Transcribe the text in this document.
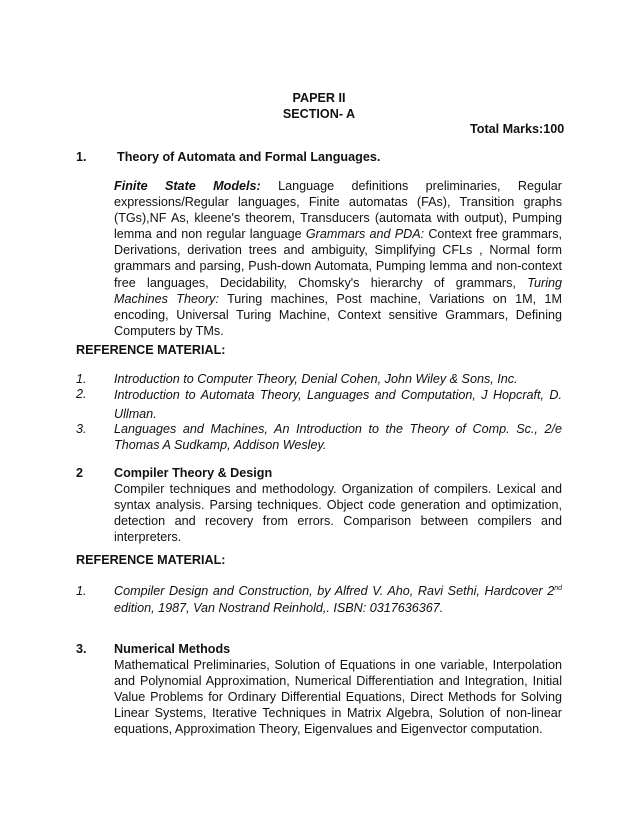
PAPER II
SECTION- A
Total Marks:100
1. Theory of Automata and Formal Languages.
Finite State Models: Language definitions preliminaries, Regular expressions/Regular languages, Finite automatas (FAs), Transition graphs (TGs),NF As, kleene's theorem, Transducers (automata with output), Pumping lemma and non regular language Grammars and PDA: Context free grammars, Derivations, derivation trees and ambiguity, Simplifying CFLs , Normal form grammars and parsing, Push-down Automata, Pumping lemma and non-context free languages, Decidability, Chomsky's hierarchy of grammars, Turing Machines Theory: Turing machines, Post machine, Variations on 1M, 1M encoding, Universal Turing Machine, Context sensitive Grammars, Defining Computers by TMs.
REFERENCE MATERIAL:
1. Introduction to Computer Theory, Denial Cohen, John Wiley & Sons, Inc.
2. Introduction to Automata Theory, Languages and Computation, J Hopcraft, D. Ullman.
3. Languages and Machines, An Introduction to the Theory of Comp. Sc., 2/e Thomas A Sudkamp, Addison Wesley.
2 Compiler Theory & Design
Compiler techniques and methodology. Organization of compilers. Lexical and syntax analysis. Parsing techniques. Object code generation and optimization, detection and recovery from errors. Comparison between compilers and interpreters.
REFERENCE MATERIAL:
1. Compiler Design and Construction, by Alfred V. Aho, Ravi Sethi, Hardcover 2nd edition, 1987, Van Nostrand Reinhold,. ISBN: 0317636367.
3. Numerical Methods
Mathematical Preliminaries, Solution of Equations in one variable, Interpolation and Polynomial Approximation, Numerical Differentiation and Integration, Initial Value Problems for Ordinary Differential Equations, Direct Methods for Solving Linear Systems, Iterative Techniques in Matrix Algebra, Solution of non-linear equations, Approximation Theory, Eigenvalues and Eigenvector computation.
